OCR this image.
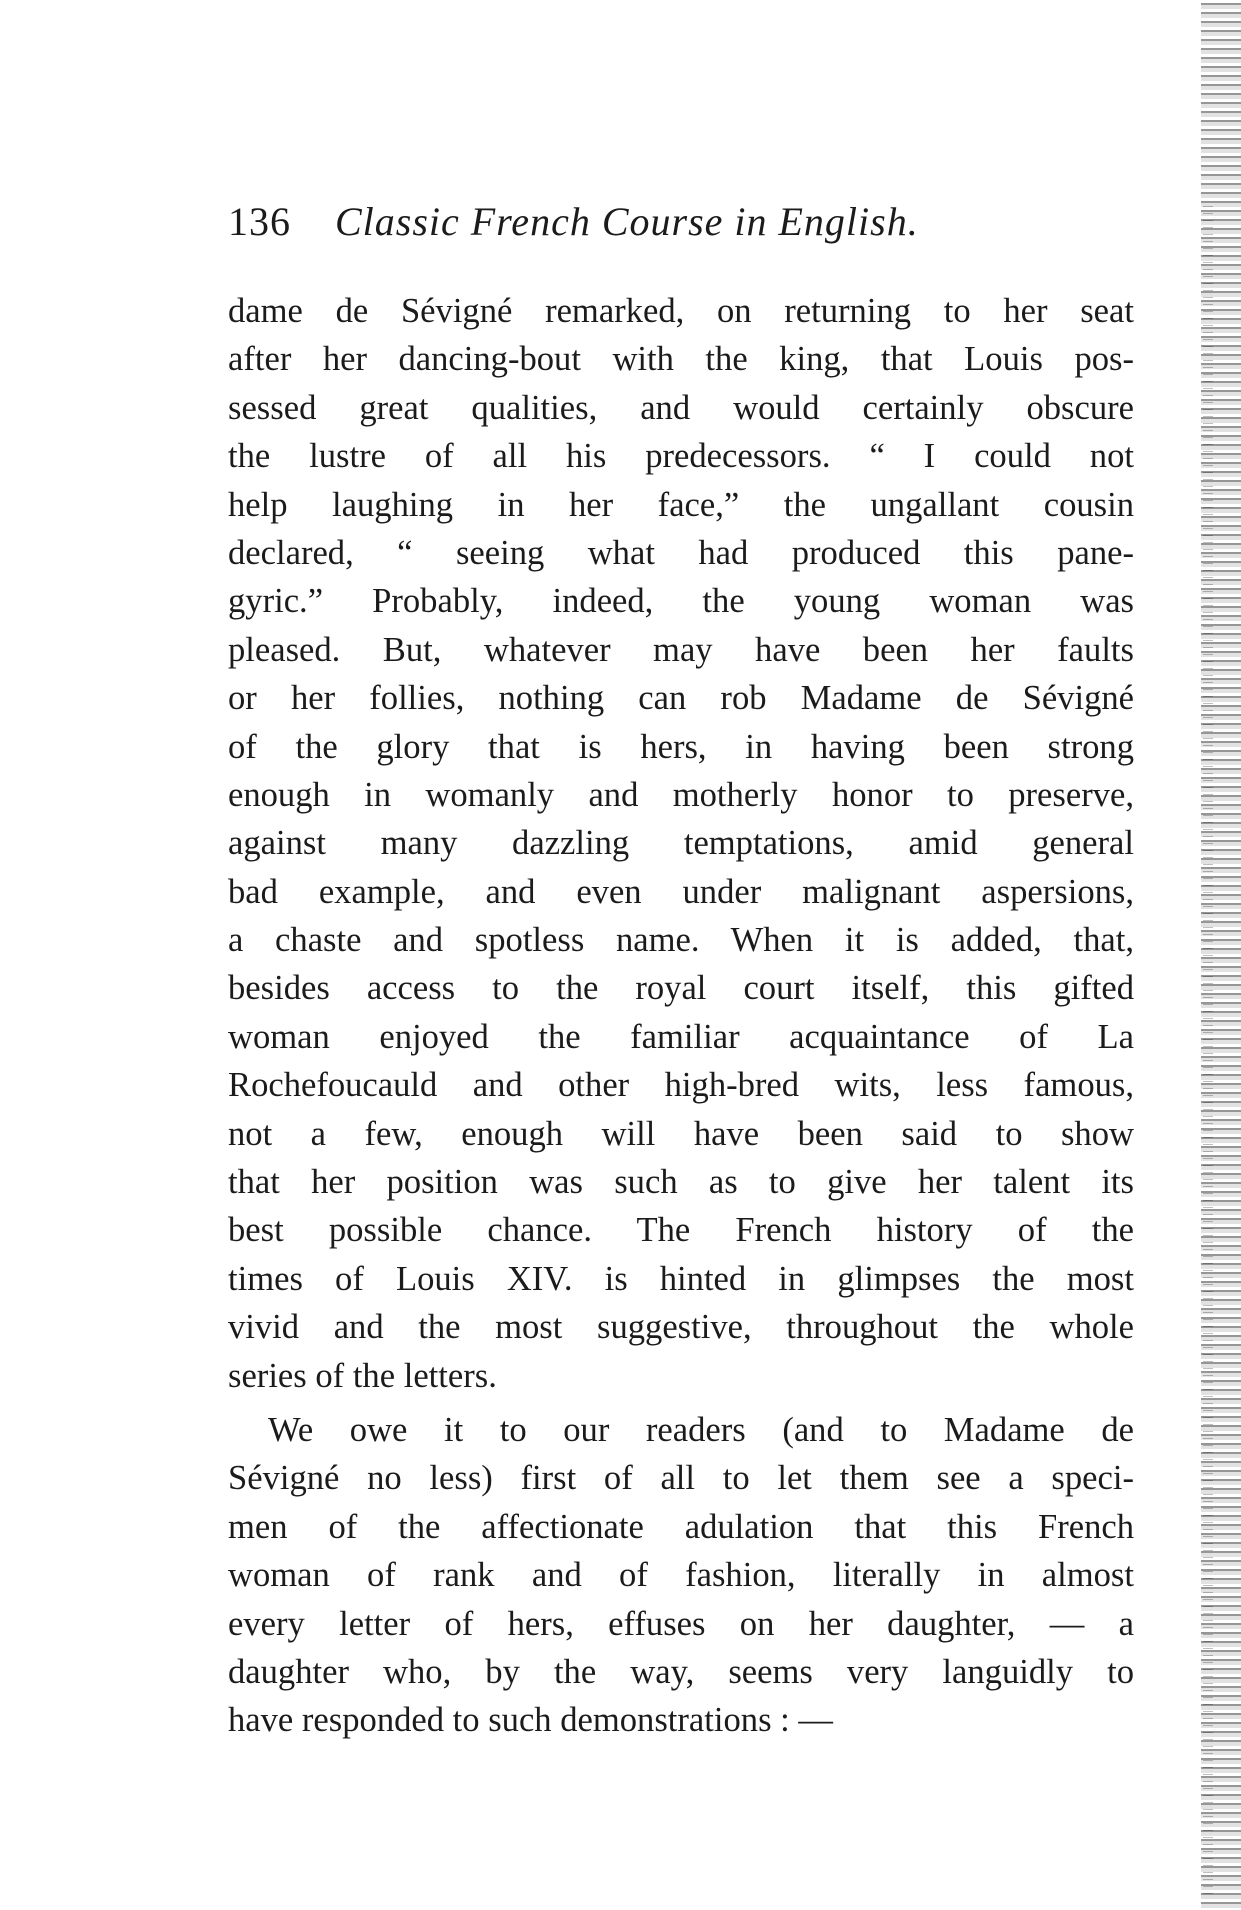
136 Classic French Course in English.
dame de Sévigné remarked, on returning to her seat
after her dancing-bout with the king, that Louis pos-
sessed great qualities, and would certainly obscure
the lustre of all his predecessors. “ I could not
help laughing in her face,” the ungallant cousin
declared, “ seeing what had produced this pane-
gyric.” Probably, indeed, the young woman was
pleased. But, whatever may have been her faults
or her follies, nothing can rob Madame de Sévigné
of the glory that is hers, in having been strong
enough in womanly and motherly honor to preserve,
against many dazzling temptations, amid general
bad example, and even under malignant aspersions,
a chaste and spotless name. When it is added, that,
besides access to the royal court itself, this gifted
woman enjoyed the familiar acquaintance of La
Rochefoucauld and other high-bred wits, less famous,
not a few, enough will have been said to show
that her position was such as to give her talent its
best possible chance. The French history of the
times of Louis XIV. is hinted in glimpses the most
vivid and the most suggestive, throughout the whole
series of the letters.
We owe it to our readers (and to Madame de
Sévigné no less) first of all to let them see a speci-
men of the affectionate adulation that this French
woman of rank and of fashion, literally in almost
every letter of hers, effuses on her daughter, — a
daughter who, by the way, seems very languidly to
have responded to such demonstrations : —
